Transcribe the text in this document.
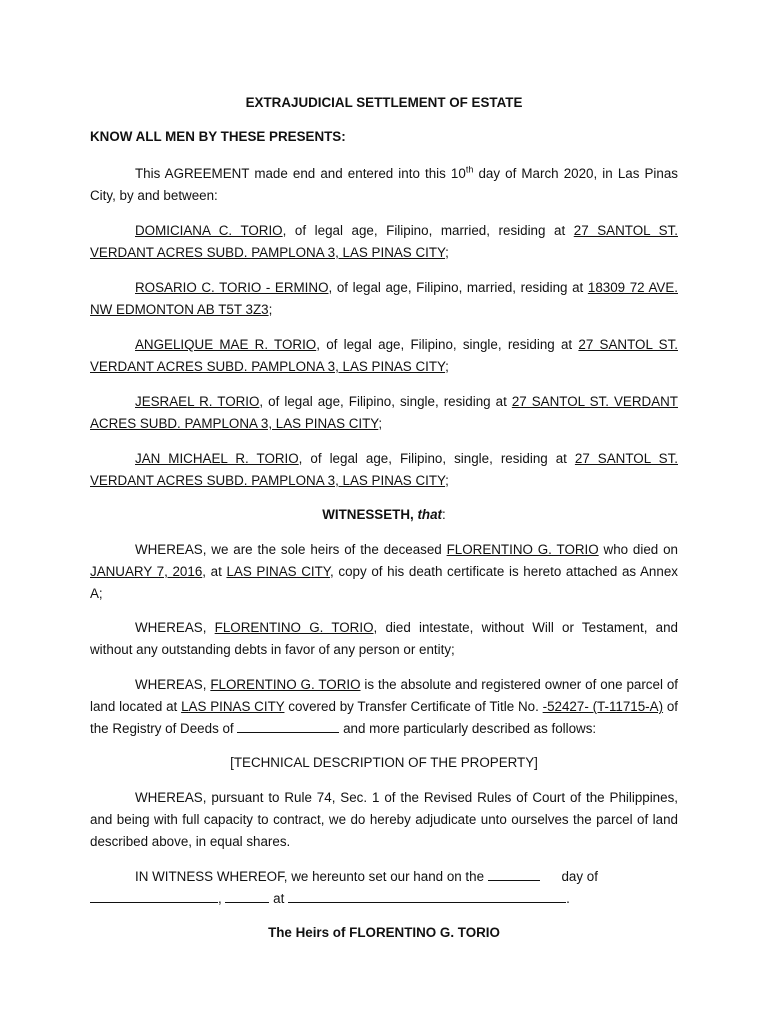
EXTRAJUDICIAL SETTLEMENT OF ESTATE
KNOW ALL MEN BY THESE PRESENTS:

This AGREEMENT made end and entered into this 10th day of March 2020, in Las Pinas City, by and between:

DOMICIANA C. TORIO, of legal age, Filipino, married, residing at 27 SANTOL ST. VERDANT ACRES SUBD. PAMPLONA 3, LAS PINAS CITY;

ROSARIO C. TORIO - ERMINO, of legal age, Filipino, married, residing at 18309 72 AVE. NW EDMONTON AB T5T 3Z3;

ANGELIQUE MAE R. TORIO, of legal age, Filipino, single, residing at 27 SANTOL ST. VERDANT ACRES SUBD. PAMPLONA 3, LAS PINAS CITY;

JESRAEL R. TORIO, of legal age, Filipino, single, residing at 27 SANTOL ST. VERDANT ACRES SUBD. PAMPLONA 3, LAS PINAS CITY;

JAN MICHAEL R. TORIO, of legal age, Filipino, single, residing at 27 SANTOL ST. VERDANT ACRES SUBD. PAMPLONA 3, LAS PINAS CITY;

WITNESSETH, that:

WHEREAS, we are the sole heirs of the deceased FLORENTINO G. TORIO who died on JANUARY 7, 2016, at LAS PINAS CITY, copy of his death certificate is hereto attached as Annex A;

WHEREAS, FLORENTINO G. TORIO, died intestate, without Will or Testament, and without any outstanding debts in favor of any person or entity;

WHEREAS, FLORENTINO G. TORIO is the absolute and registered owner of one parcel of land located at LAS PINAS CITY covered by Transfer Certificate of Title No. -52427- (T-11715-A) of the Registry of Deeds of	and more particularly described as follows:

[TECHNICAL DESCRIPTION OF THE PROPERTY]

WHEREAS, pursuant to Rule 74, Sec. 1 of the Revised Rules of Court of the Philippines, and being with full capacity to contract, we do hereby adjudicate unto ourselves the parcel of land described above, in equal shares.

IN WITNESS WHEREOF, we hereunto set our hand on the	day of
,	at	.

The Heirs of FLORENTINO G. TORIO
